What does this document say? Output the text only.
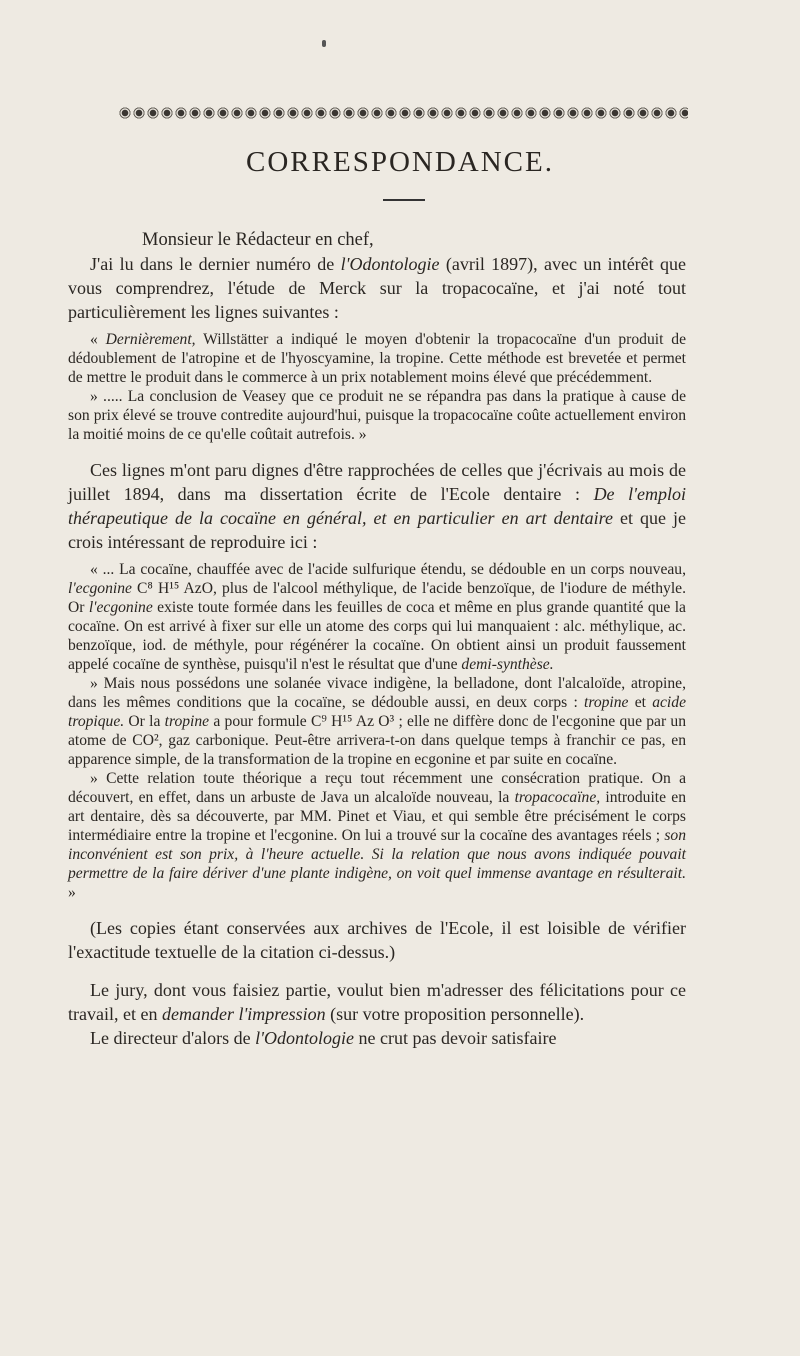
CORRESPONDANCE.

Monsieur le Rédacteur en chef,

J'ai lu dans le dernier numéro de l'Odontologie (avril 1897), avec un intérêt que vous comprendrez, l'étude de Merck sur la tropacocaïne, et j'ai noté tout particulièrement les lignes suivantes :

« Dernièrement, Willstätter a indiqué le moyen d'obtenir la tropacocaïne d'un produit de dédoublement de l'atropine et de l'hyoscyamine, la tropine. Cette méthode est brevetée et permet de mettre le produit dans le commerce à un prix notablement moins élevé que précédemment.

» ..... La conclusion de Veasey que ce produit ne se répandra pas dans la pratique à cause de son prix élevé se trouve contredite aujourd'hui, puisque la tropacocaïne coûte actuellement environ la moitié moins de ce qu'elle coûtait autrefois. »

Ces lignes m'ont paru dignes d'être rapprochées de celles que j'écrivais au mois de juillet 1894, dans ma dissertation écrite de l'Ecole dentaire : De l'emploi thérapeutique de la cocaïne en général, et en particulier en art dentaire et que je crois intéressant de reproduire ici :

« ... La cocaïne, chauffée avec de l'acide sulfurique étendu, se dédouble en un corps nouveau, l'ecgonine C⁸ H¹⁵ AzO, plus de l'alcool méthylique, de l'acide benzoïque, de l'iodure de méthyle. Or l'ecgonine existe toute formée dans les feuilles de coca et même en plus grande quantité que la cocaïne. On est arrivé à fixer sur elle un atome des corps qui lui manquaient : alc. méthylique, ac. benzoïque, iod. de méthyle, pour régénérer la cocaïne. On obtient ainsi un produit faussement appelé cocaïne de synthèse, puisqu'il n'est le résultat que d'une demi-synthèse.

» Mais nous possédons une solanée vivace indigène, la belladone, dont l'alcaloïde, atropine, dans les mêmes conditions que la cocaïne, se dédouble aussi, en deux corps : tropine et acide tropique. Or la tropine a pour formule C⁹ H¹⁵ Az O³ ; elle ne diffère donc de l'ecgonine que par un atome de CO², gaz carbonique. Peut-être arrivera-t-on dans quelque temps à franchir ce pas, en apparence simple, de la transformation de la tropine en ecgonine et par suite en cocaïne.

» Cette relation toute théorique a reçu tout récemment une consécration pratique. On a découvert, en effet, dans un arbuste de Java un alcaloïde nouveau, la tropacocaïne, introduite en art dentaire, dès sa découverte, par MM. Pinet et Viau, et qui semble être précisément le corps intermédiaire entre la tropine et l'ecgonine. On lui a trouvé sur la cocaïne des avantages réels ; son inconvénient est son prix, à l'heure actuelle. Si la relation que nous avons indiquée pouvait permettre de la faire dériver d'une plante indigène, on voit quel immense avantage en résulterait. »

(Les copies étant conservées aux archives de l'Ecole, il est loisible de vérifier l'exactitude textuelle de la citation ci-dessus.)

Le jury, dont vous faisiez partie, voulut bien m'adresser des félicitations pour ce travail, et en demander l'impression (sur votre proposition personnelle).

Le directeur d'alors de l'Odontologie ne crut pas devoir satisfaire
